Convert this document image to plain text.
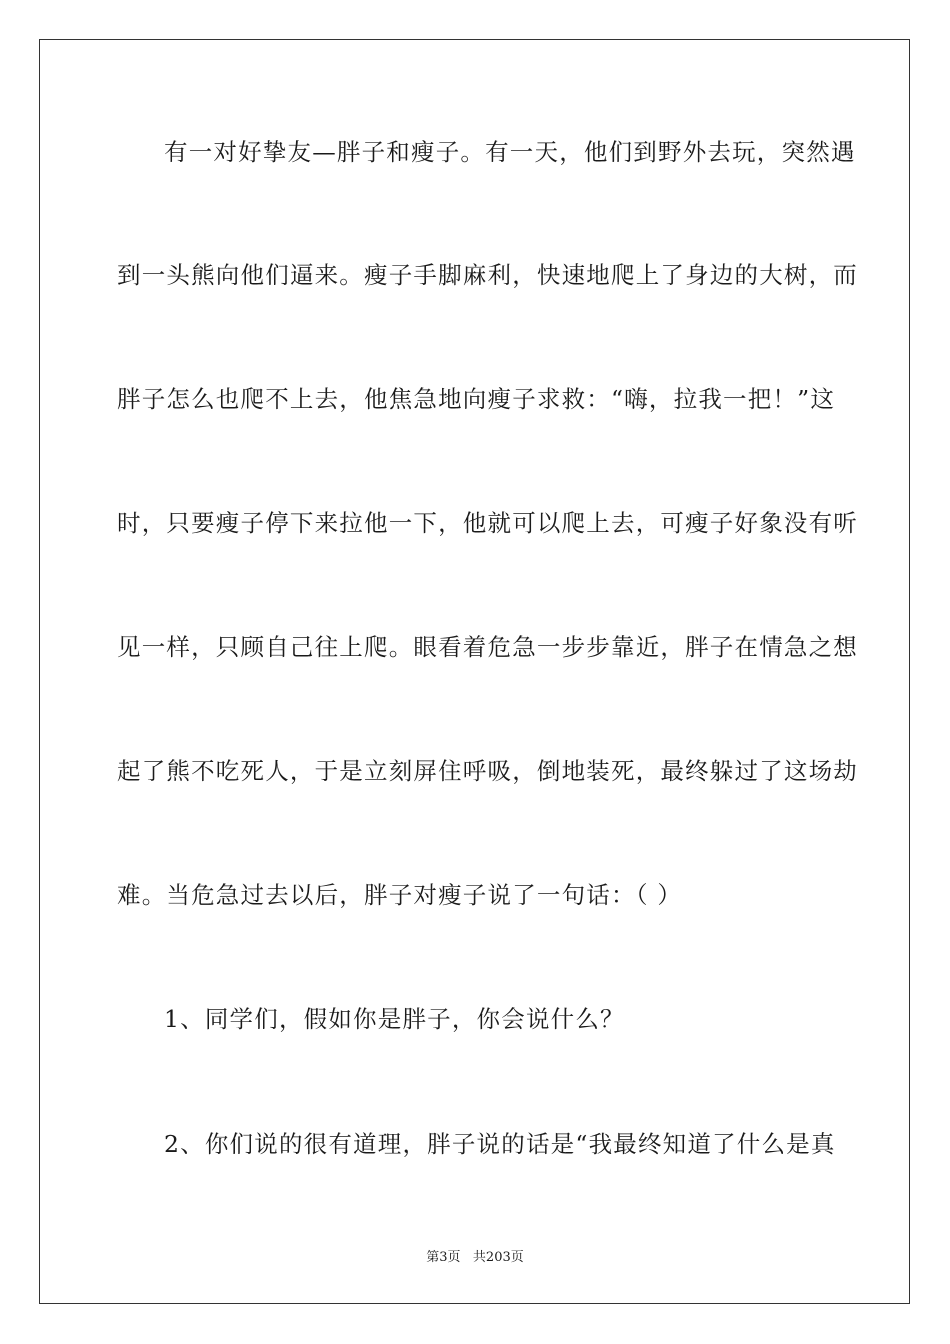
有一对好挚友—胖子和瘦子。有一天，他们到野外去玩，突然遇
到一头熊向他们逼来。瘦子手脚麻利，快速地爬上了身边的大树，而
胖子怎么也爬不上去，他焦急地向瘦子求救：“嗨，拉我一把！”这
时，只要瘦子停下来拉他一下，他就可以爬上去，可瘦子好象没有听
见一样，只顾自己往上爬。眼看着危急一步步靠近，胖子在情急之想
起了熊不吃死人，于是立刻屏住呼吸，倒地装死，最终躲过了这场劫
难。当危急过去以后，胖子对瘦子说了一句话：（ ）
1、同学们，假如你是胖子，你会说什么？
2、你们说的很有道理，胖子说的话是“我最终知道了什么是真
第3页   共203页
